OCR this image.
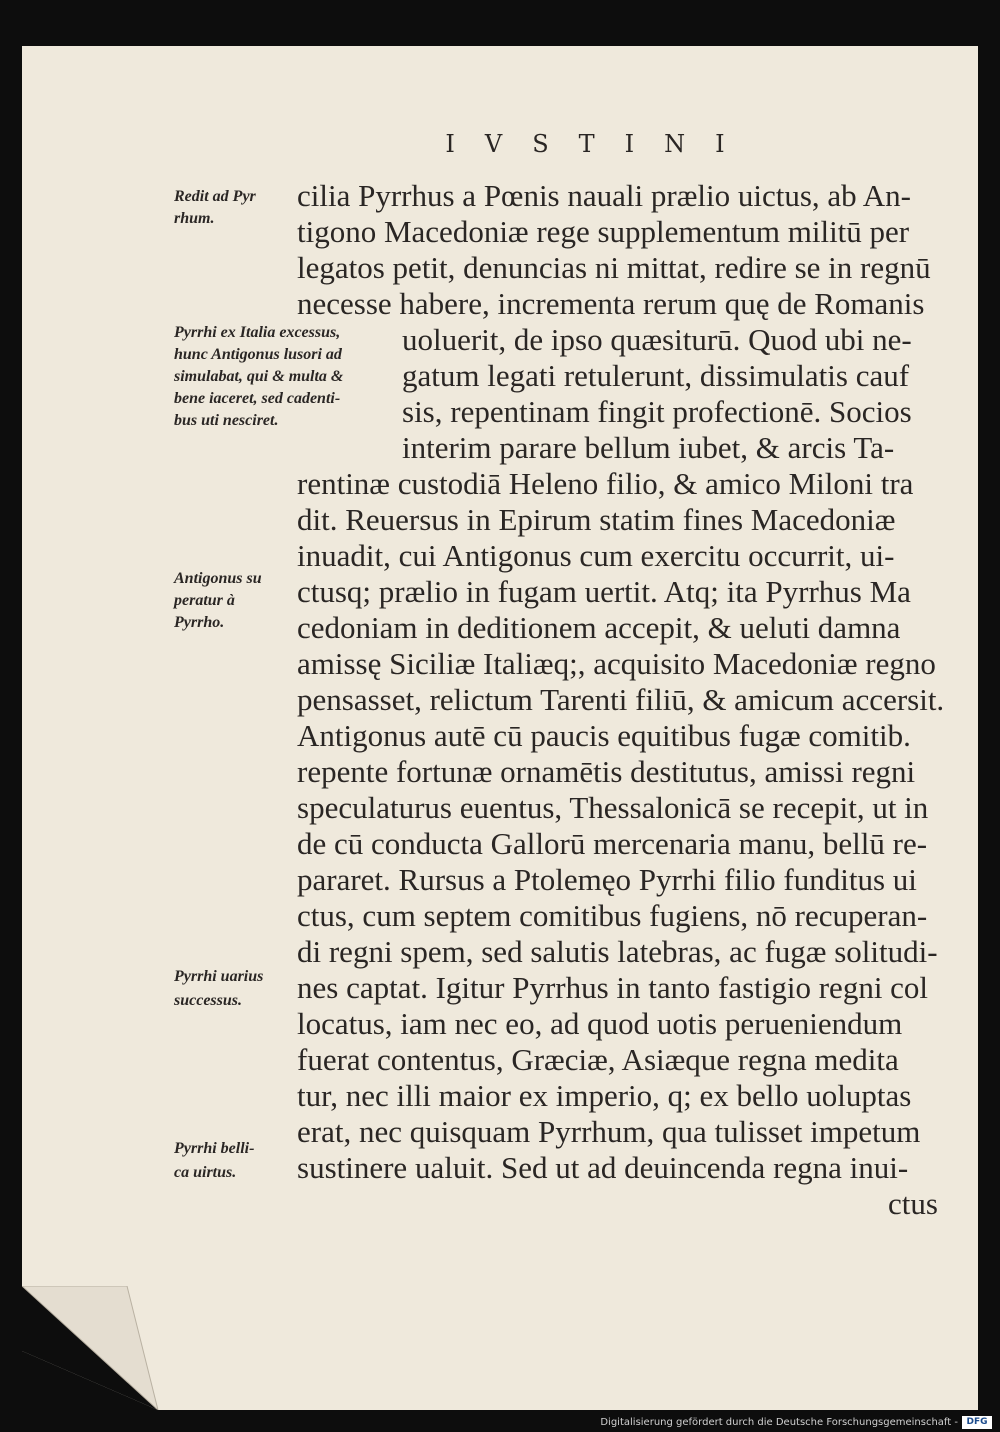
IVSTINI
cilia Pyrrhus a Pœnis nauali prælio uictus, ab An-
tigono Macedoniæ rege supplementum militū per
legatos petit, denuncias ni mittat, redire se in regnū
necesse habere, incrementa rerum quę de Romanis
uoluerit, de ipso quæsiturū. Quod ubi ne-
gatum legati retulerunt, dissimulatis cauf
sis, repentinam fingit profectionē. Socios
interim parare bellum iubet, & arcis Ta-
rentinæ custodiā Heleno filio, & amico Miloni tra
dit. Reuersus in Epirum statim fines Macedoniæ
inuadit, cui Antigonus cum exercitu occurrit, ui-
ctusq; prælio in fugam uertit. Atq; ita Pyrrhus Ma
cedoniam in deditionem accepit, & ueluti damna
amissę Siciliæ Italiæq;, acquisito Macedoniæ regno
pensasset, relictum Tarenti filiū, & amicum accersit.
Antigonus autē cū paucis equitibus fugæ comitib.
repente fortunæ ornamētis destitutus, amissi regni
speculaturus euentus, Thessalonicā se recepit, ut in
de cū conducta Gallorū mercenaria manu, bellū re-
pararet. Rursus a Ptolemęo Pyrrhi filio funditus ui
ctus, cum septem comitibus fugiens, nō recuperan-
di regni spem, sed salutis latebras, ac fugæ solitudi-
nes captat. Igitur Pyrrhus in tanto fastigio regni col
locatus, iam nec eo, ad quod uotis perueniendum
fuerat contentus, Græciæ, Asiæque regna medita
tur, nec illi maior ex imperio, q; ex bello uoluptas
erat, nec quisquam Pyrrhum, qua tulisset impetum
sustinere ualuit. Sed ut ad deuincenda regna inui-
ctus
Redit ad Pyr
rhum.
Pyrrhi ex Italia excessus,
hunc Antigonus lusori ad
simulabat, qui & multa &
bene iaceret, sed cadenti-
bus uti nesciret.
Antigonus su
peratur à
Pyrrho.
Pyrrhi uarius
successus.
Pyrrhi belli-
ca uirtus.
Digitalisierung gefördert durch die Deutsche Forschungsgemeinschaft - DFG
